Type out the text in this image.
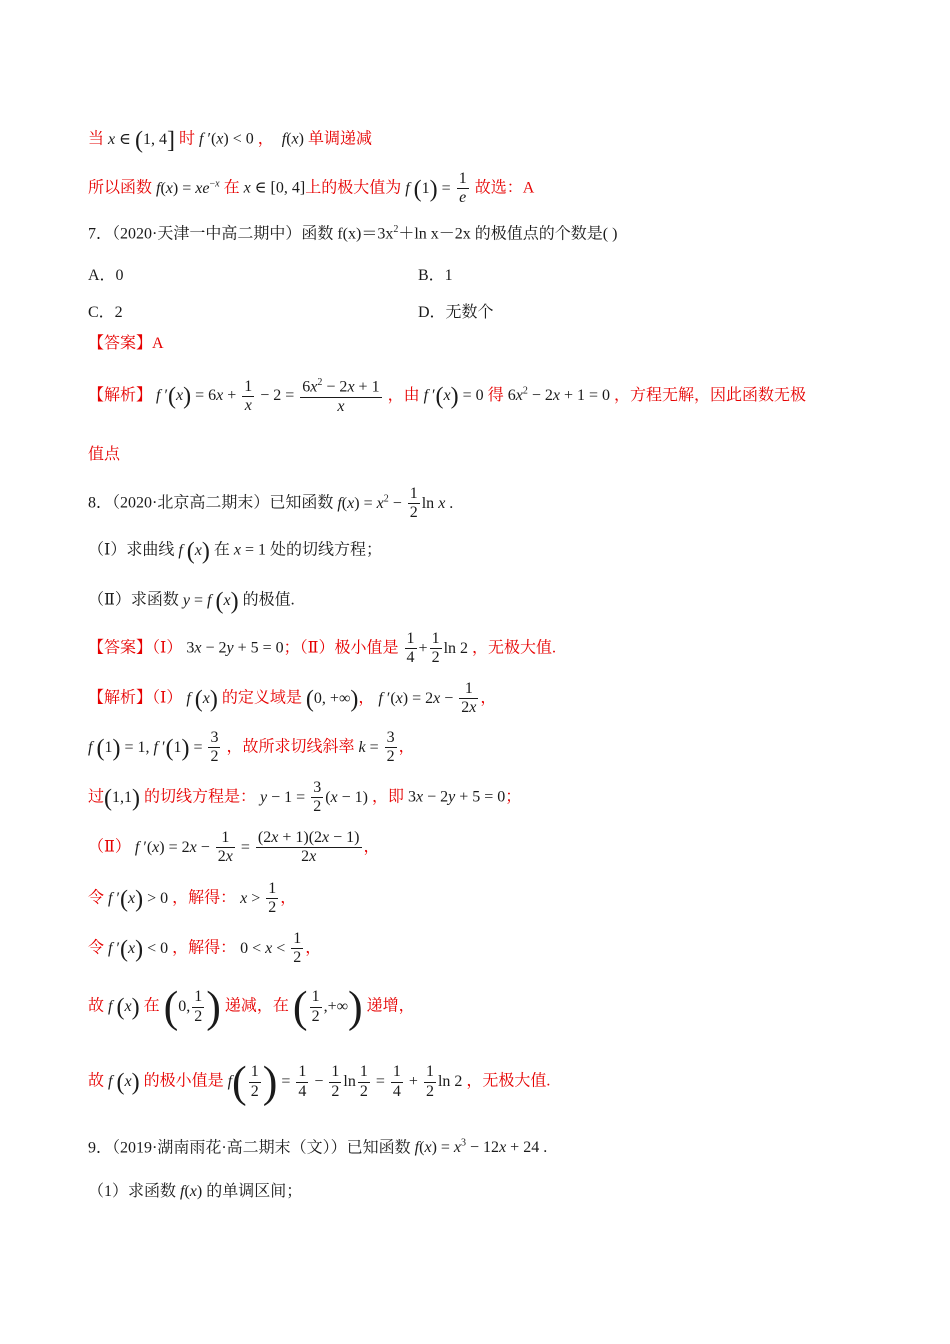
当 x ∈ (1, 4] 时 f ′(x) < 0 ， f(x) 单调递减
所以函数 $f(x) = xe^{-x}$ 在 x ∈ [0, 4]上的极大值为 f $(1) = \frac{1}{e}$ 故选：A
7．（2020·天津一中高二期中）函数 $f(x)=3x^2+\ln$ x－2x 的极值点的个数是( )
A．0	B．1
C．2	D．无数个
【答案】A
【解析】 f $'(x) = 6x + \frac{1}{x} - 2 = \frac{6x^2 - 2x + 1}{x}$ ，由 f ′(x) = 0 得 $6x^2 - 2x + 1 = 0$ ，方程无解，因此函数无极
值点
8．（2020·北京高二期末）已知函数 $f(x) = x^2 - \frac{1}{2}$ ln x .
（Ⅰ）求曲线 f (x) 在 x = 1 处的切线方程；
（Ⅱ）求函数 y = f (x) 的极值.
【答案】（Ⅰ） 3x − 2y + 5 = 0；（Ⅱ）极小值是 $\frac{1}{4} + \frac{1}{2}$ ln 2 ，无极大值.
【解析】（Ⅰ） f (x) 的定义域是 (0, +∞)， f $'(x) = 2x - \frac{1}{2x}$ ，
f (1) = 1, f $'(1) = \frac{3}{2}$ ，故所求切线斜率 $k = \frac{3}{2}$ ，
过(1,1) 的切线方程是： $y - 1 = \frac{3}{2} (x - 1)$ ，即 3x − 2y + 5 = 0；
（Ⅱ） f $'(x) = 2x - \frac{1}{2x} = \frac{(2x + 1)(2x - 1)}{2x}$ ，
令 f ′(x) > 0 ，解得： $x > \frac{1}{2}$ ，
令 f ′(x) < 0 ，解得： $0 < x < \frac{1}{2}$ ，
故 f (x) 在 (0, $\frac{1}{2}$ ) 递减，在 ( $\frac{1}{2}$ ,+∞) 递增，
故 f (x) 的极小值是 $f( \frac{1}{2}$ ) = $\frac{1}{4} - \frac{1}{2}$ $\ln \frac{1}{2} = \frac{1}{4} + \frac{1}{2}$ ln 2 ，无极大值.
9．（2019·湖南雨花·高二期末（文））已知函数 $f(x) = x^3 - 12x + 24$ .
（1）求函数 f(x) 的单调区间；
